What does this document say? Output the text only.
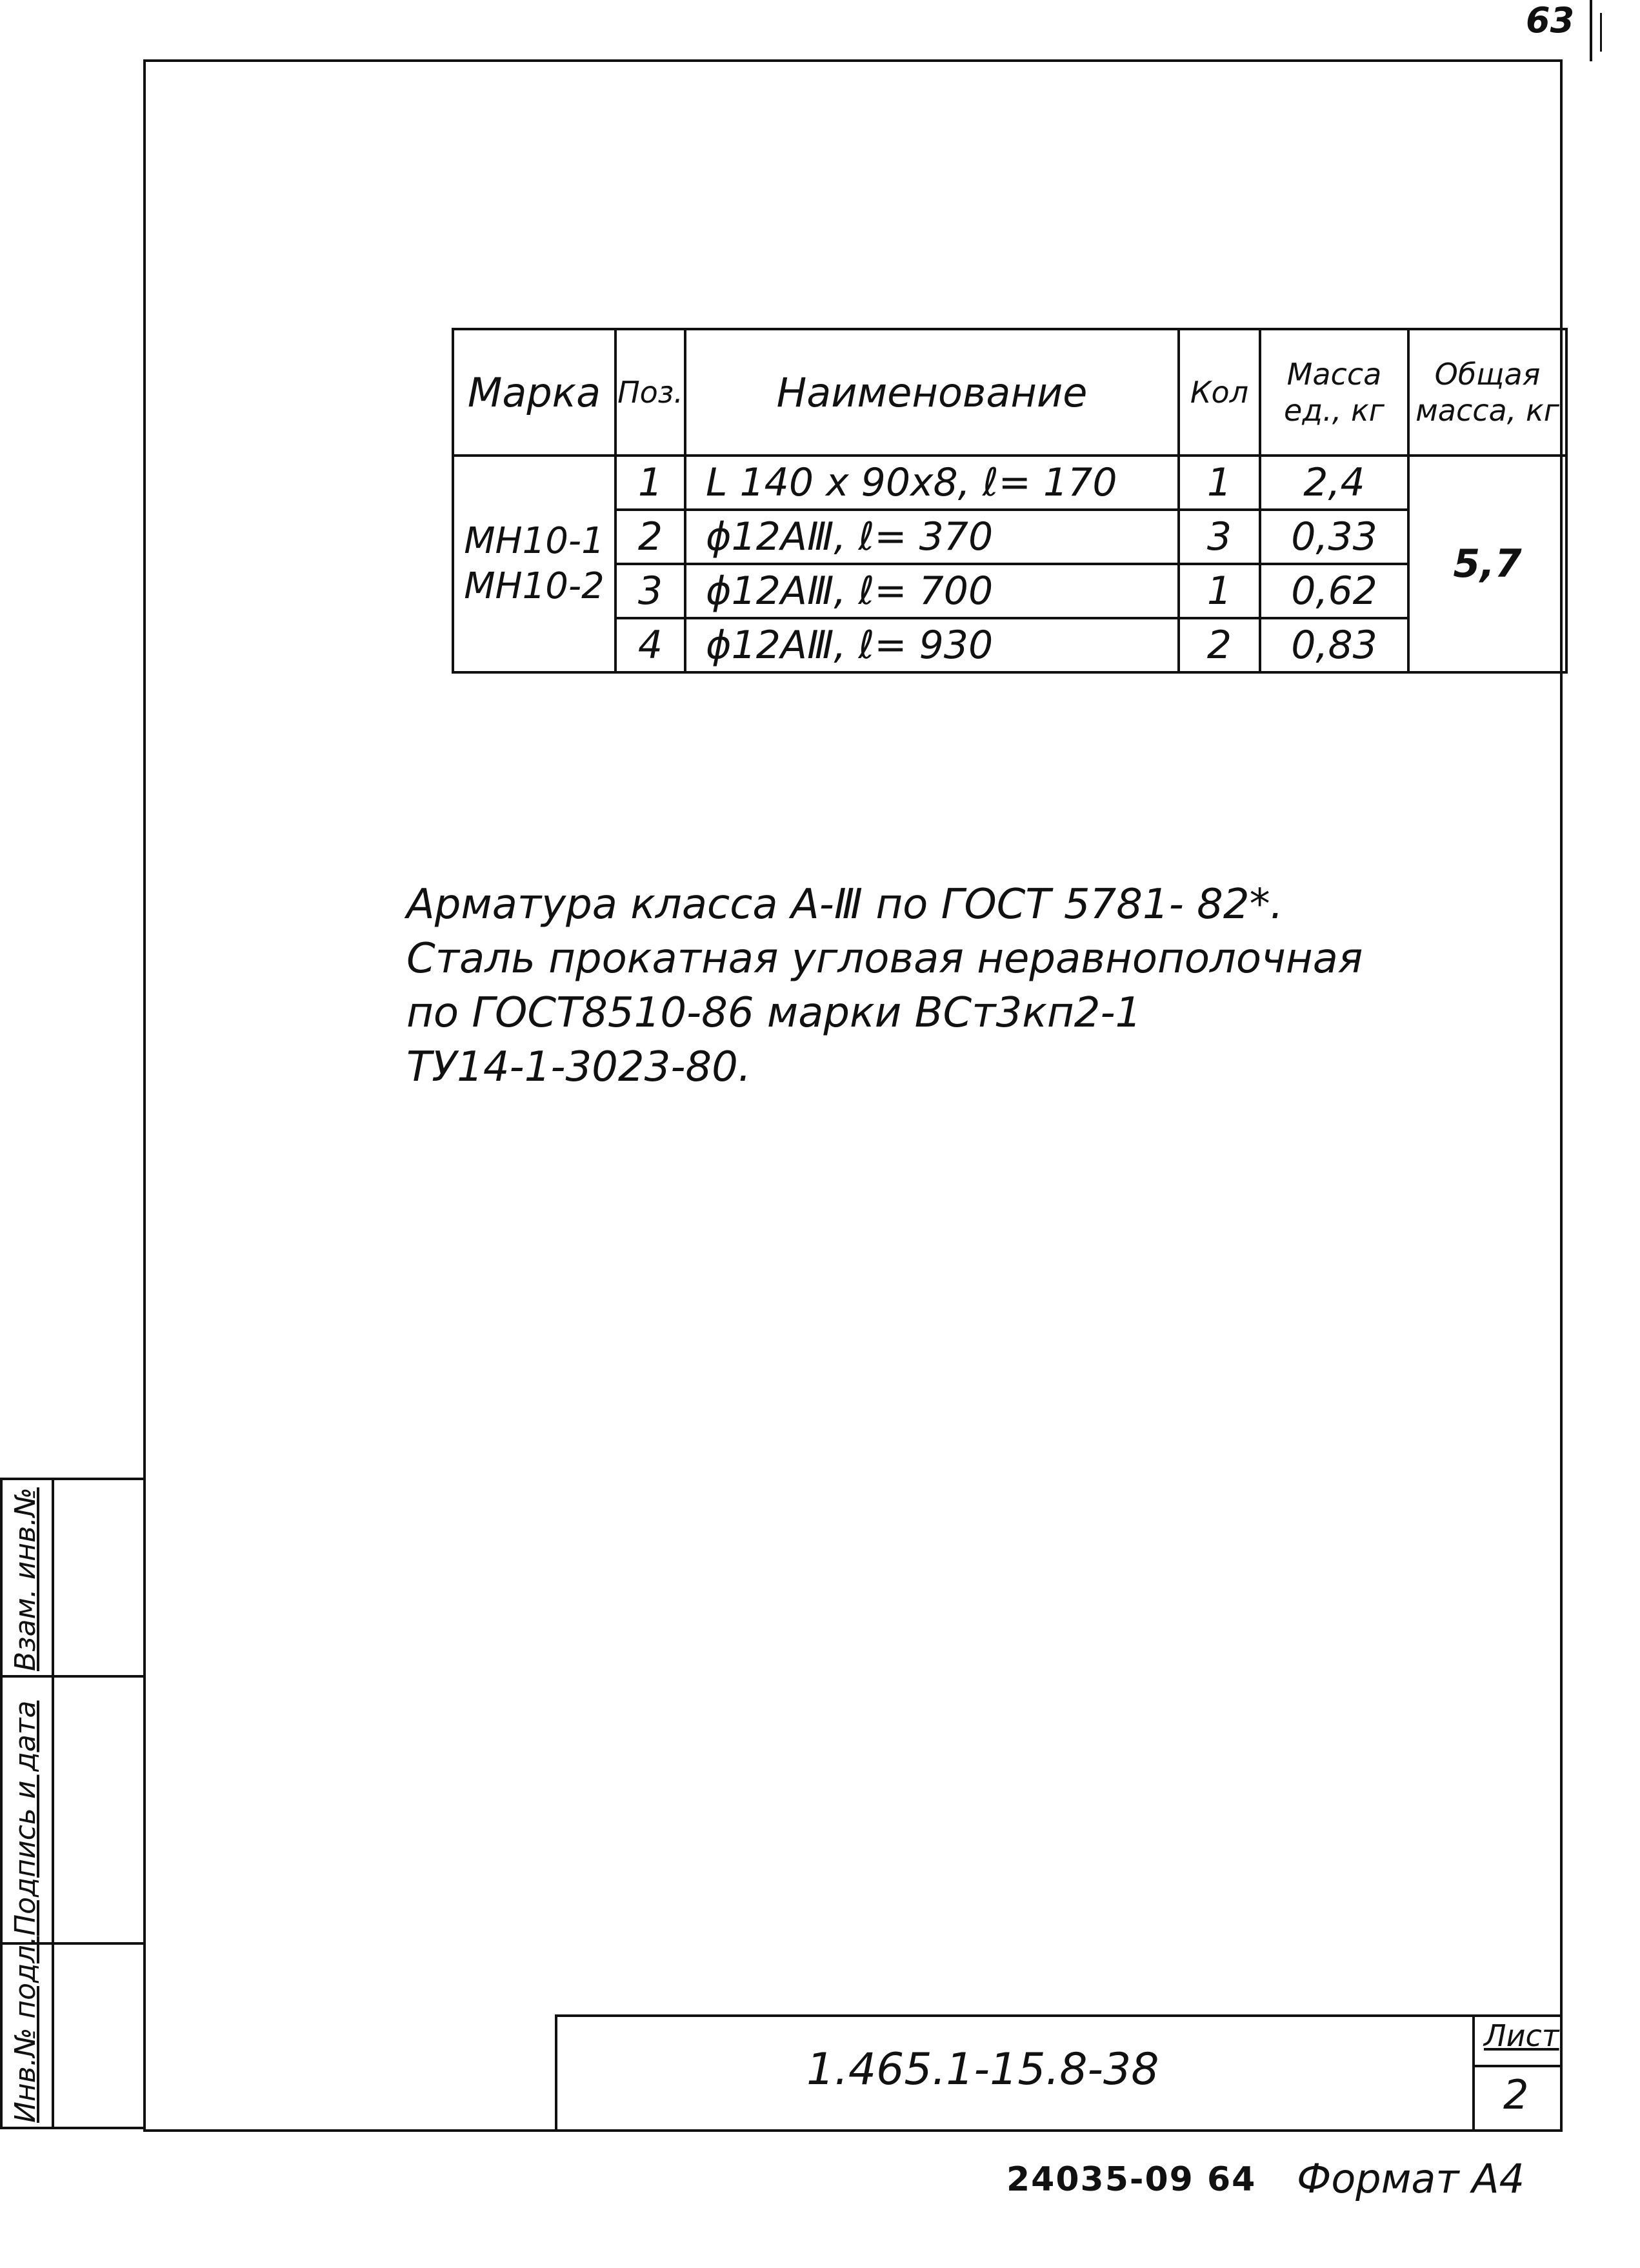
63
Марка	Поз.	Наименование	Кол	Масса ед., кг	Общая масса, кг

МН10-1
МН10-2	1	L 140 x 90x8, ℓ= 170	1	2,4	5,7
	2	ϕ12АⅢ, ℓ= 370	3	0,33	
	3	ϕ12АⅢ, ℓ= 700	1	0,62	
	4	ϕ12АⅢ, ℓ= 930	2	0,83	
Арматура класса А-Ⅲ по ГОСТ 5781- 82*.
Сталь прокатная угловая неравнополочная
по ГОСТ8510-86 марки ВСт3кп2-1
ТУ14-1-3023-80.
Взам. инв.№
Подпись и дата
Инв.№ подл.	1.465.1-15.8-38
Лист
2
24035-09 64 Формат А4
